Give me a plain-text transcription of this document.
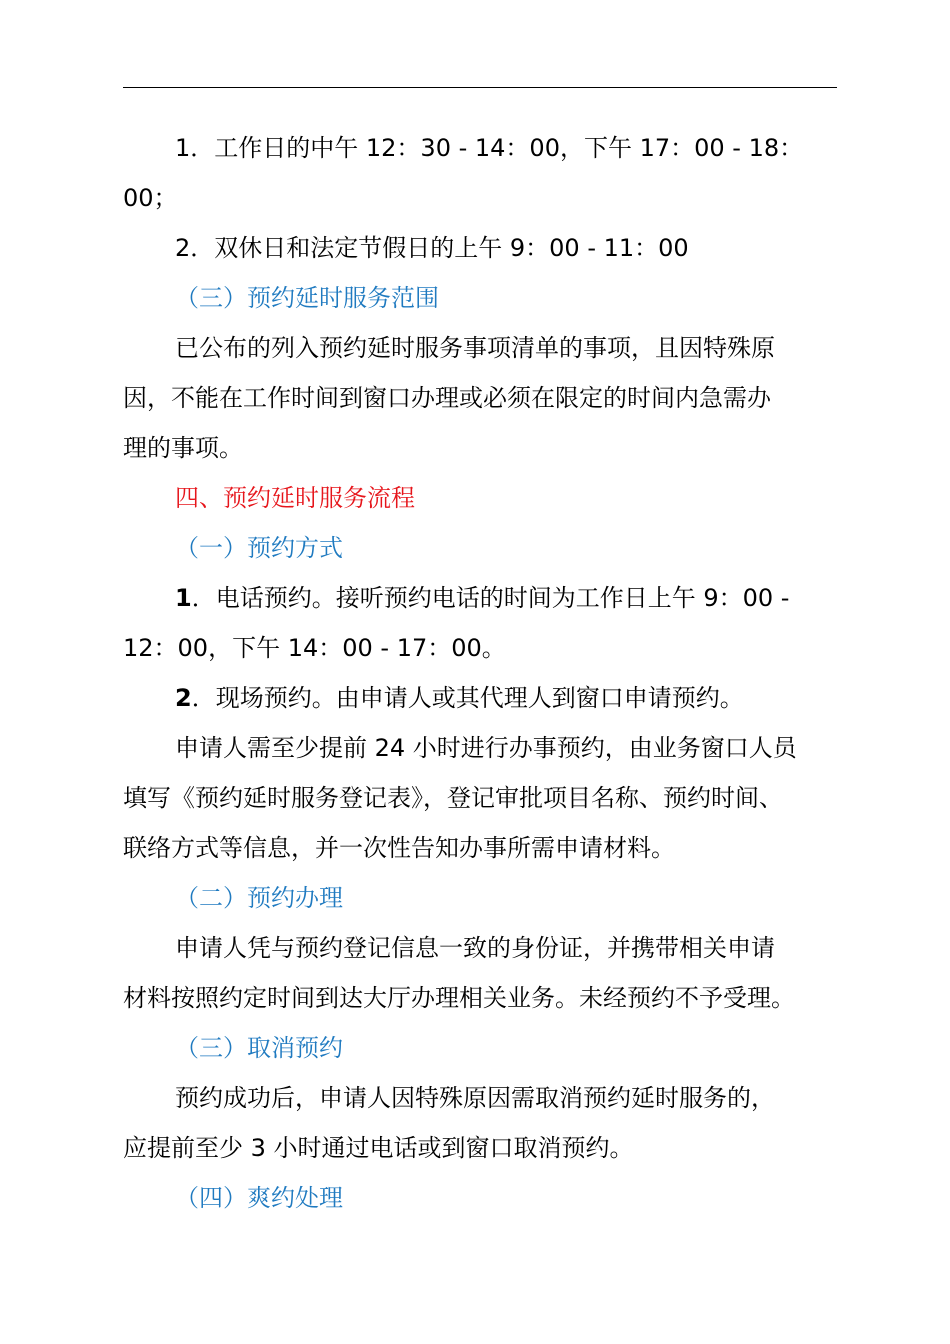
1．工作日的中午 12：30 - 14：00，下午 17：00 - 18：
00；
2．双休日和法定节假日的上午 9：00 - 11：00
（三）预约延时服务范围
已公布的列入预约延时服务事项清单的事项，且因特殊原
因，不能在工作时间到窗口办理或必须在限定的时间内急需办
理的事项。
四、预约延时服务流程
（一）预约方式
1．电话预约。接听预约电话的时间为工作日上午 9：00 -
12：00，下午 14：00 - 17：00。
2．现场预约。由申请人或其代理人到窗口申请预约。
申请人需至少提前 24 小时进行办事预约，由业务窗口人员
填写《预约延时服务登记表》，登记审批项目名称、预约时间、
联络方式等信息，并一次性告知办事所需申请材料。
（二）预约办理
申请人凭与预约登记信息一致的身份证，并携带相关申请
材料按照约定时间到达大厅办理相关业务。未经预约不予受理。
（三）取消预约
预约成功后，申请人因特殊原因需取消预约延时服务的，
应提前至少 3 小时通过电话或到窗口取消预约。
（四）爽约处理
